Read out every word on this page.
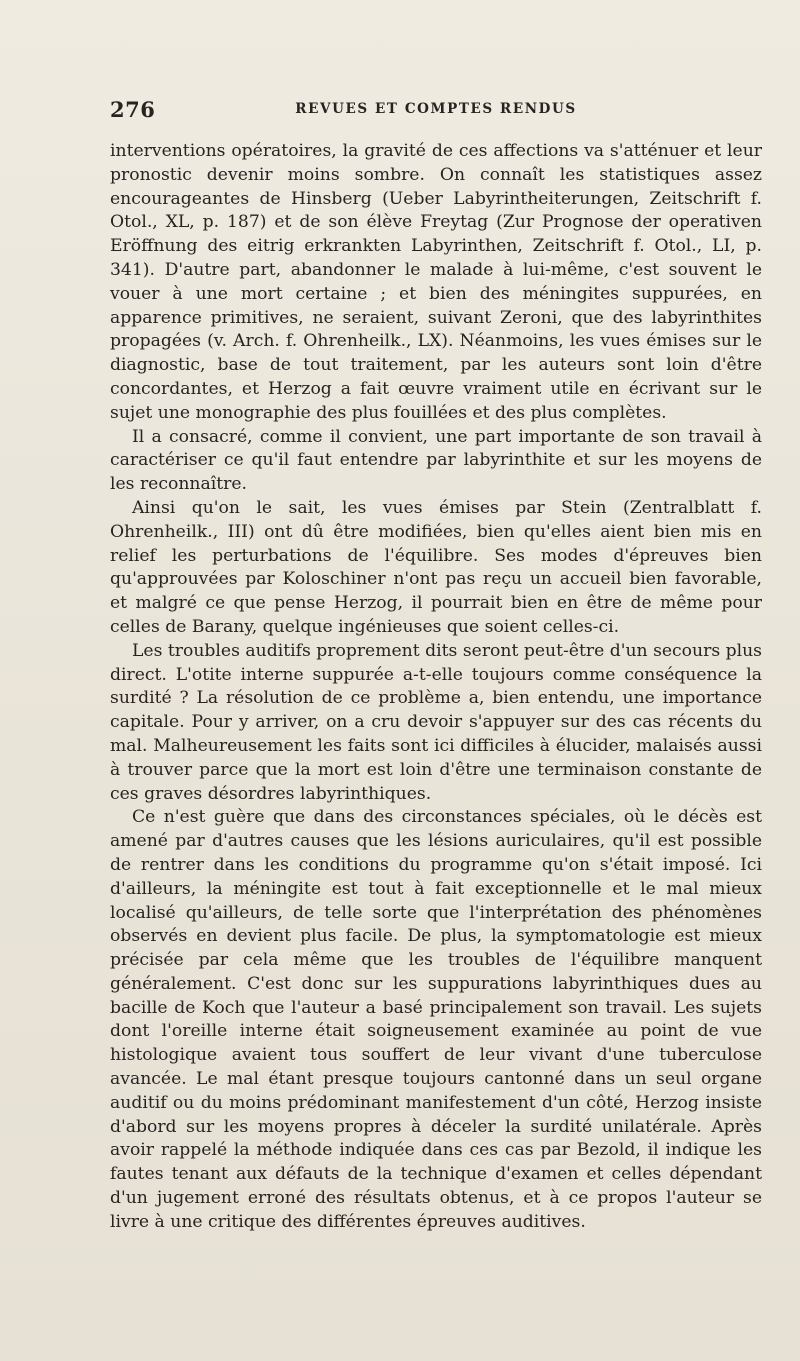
276	REVUES ET COMPTES RENDUS

interventions opératoires, la gravité de ces affections va s'atténuer et leur pronostic devenir moins sombre. On connaît les statistiques assez encourageantes de Hinsberg (Ueber Labyrintheiterungen, Zeitschrift f. Otol., XL, p. 187) et de son élève Freytag (Zur Prognose der operativen Eröffnung des eitrig erkrankten Labyrinthen, Zeitschrift f. Otol., LI, p. 341). D'autre part, abandonner le malade à lui-même, c'est souvent le vouer à une mort certaine ; et bien des méningites suppurées, en apparence primitives, ne seraient, suivant Zeroni, que des labyrinthites propagées (v. Arch. f. Ohrenheilk., LX). Néanmoins, les vues émises sur le diagnostic, base de tout traitement, par les auteurs sont loin d'être concordantes, et Herzog a fait œuvre vraiment utile en écrivant sur le sujet une monographie des plus fouillées et des plus complètes.

Il a consacré, comme il convient, une part importante de son travail à caractériser ce qu'il faut entendre par labyrinthite et sur les moyens de les reconnaître.

Ainsi qu'on le sait, les vues émises par Stein (Zentralblatt f. Ohrenheilk., III) ont dû être modifiées, bien qu'elles aient bien mis en relief les perturbations de l'équilibre. Ses modes d'épreuves bien qu'approuvées par Koloschiner n'ont pas reçu un accueil bien favorable, et malgré ce que pense Herzog, il pourrait bien en être de même pour celles de Barany, quelque ingénieuses que soient celles-ci.

Les troubles auditifs proprement dits seront peut-être d'un secours plus direct. L'otite interne suppurée a-t-elle toujours comme conséquence la surdité ? La résolution de ce problème a, bien entendu, une importance capitale. Pour y arriver, on a cru devoir s'appuyer sur des cas récents du mal. Malheureusement les faits sont ici difficiles à élucider, malaisés aussi à trouver parce que la mort est loin d'être une terminaison constante de ces graves désordres labyrinthiques.

Ce n'est guère que dans des circonstances spéciales, où le décès est amené par d'autres causes que les lésions auriculaires, qu'il est possible de rentrer dans les conditions du programme qu'on s'était imposé. Ici d'ailleurs, la méningite est tout à fait exceptionnelle et le mal mieux localisé qu'ailleurs, de telle sorte que l'interprétation des phénomènes observés en devient plus facile. De plus, la symptomatologie est mieux précisée par cela même que les troubles de l'équilibre manquent généralement. C'est donc sur les suppurations labyrinthiques dues au bacille de Koch que l'auteur a basé principalement son travail. Les sujets dont l'oreille interne était soigneusement examinée au point de vue histologique avaient tous souffert de leur vivant d'une tuberculose avancée. Le mal étant presque toujours cantonné dans un seul organe auditif ou du moins prédominant manifestement d'un côté, Herzog insiste d'abord sur les moyens propres à déceler la surdité unilatérale. Après avoir rappelé la méthode indiquée dans ces cas par Bezold, il indique les fautes tenant aux défauts de la technique d'examen et celles dépendant d'un jugement erroné des résultats obtenus, et à ce propos l'auteur se livre à une critique des différentes épreuves auditives.
